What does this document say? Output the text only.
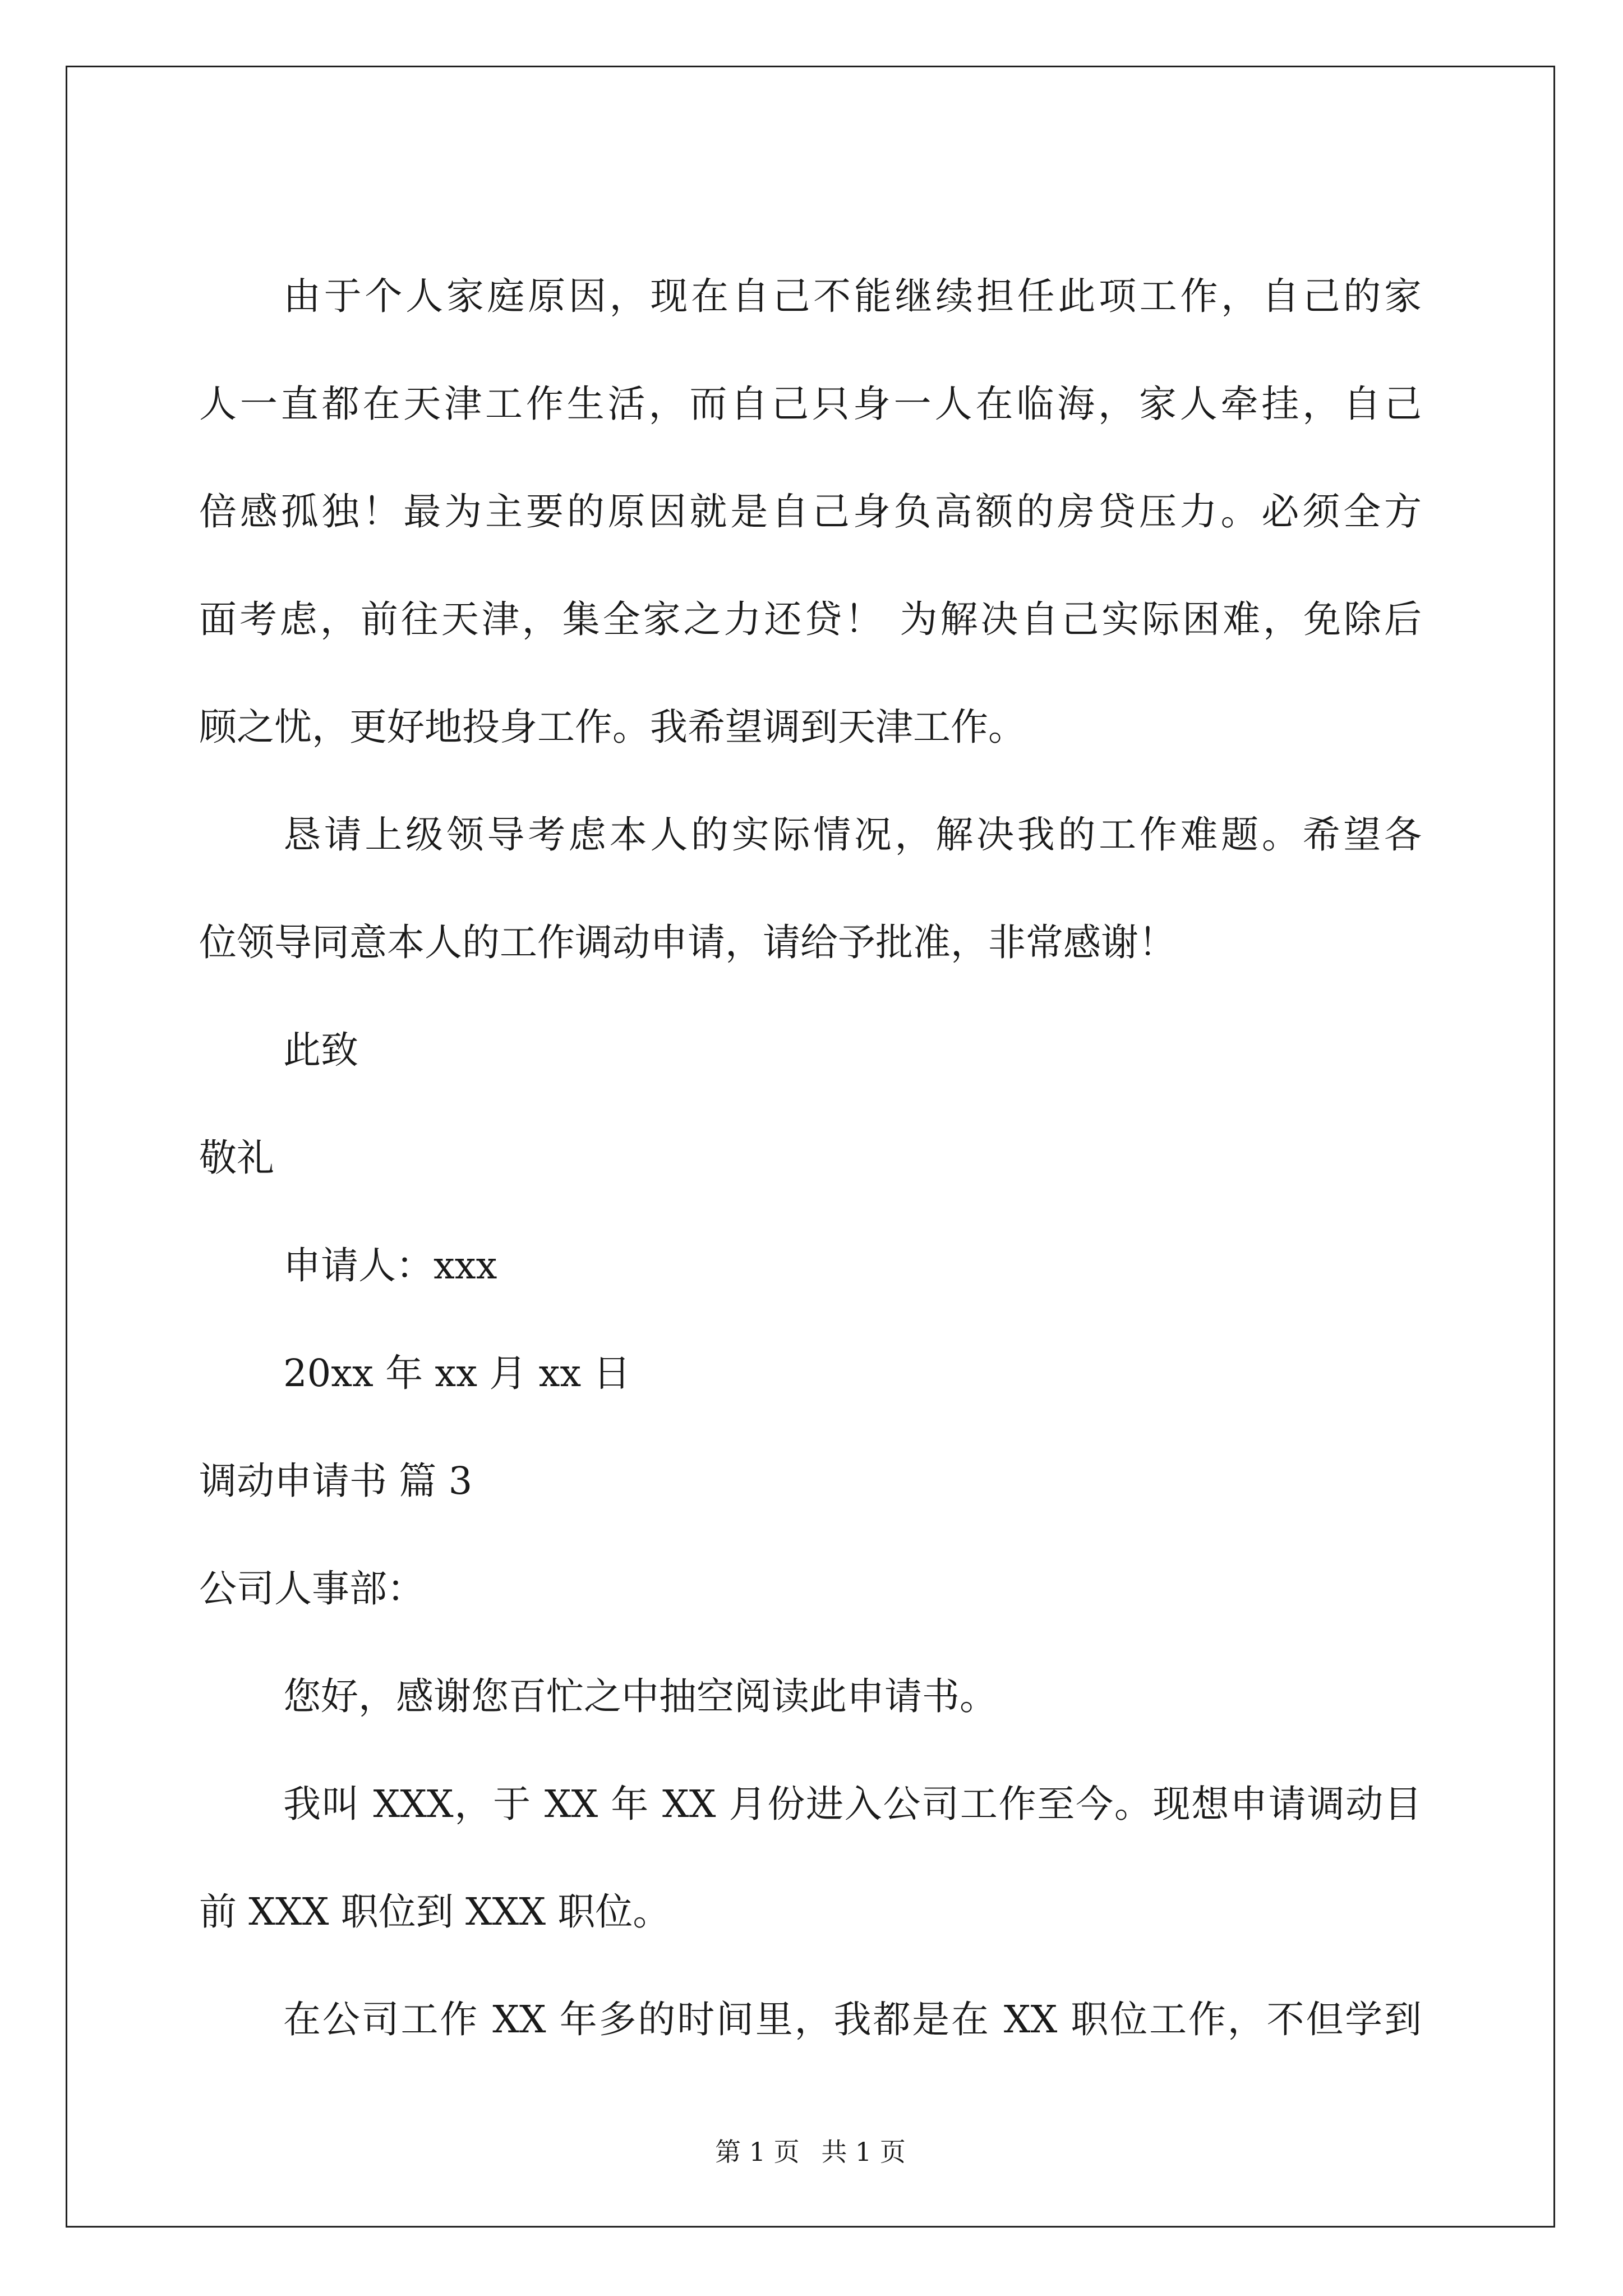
由于个人家庭原因，现在自己不能继续担任此项工作，自己的家
人一直都在天津工作生活，而自己只身一人在临海，家人牵挂，自己
倍感孤独！最为主要的原因就是自己身负高额的房贷压力。必须全方
面考虑，前往天津，集全家之力还贷！ 为解决自己实际困难，免除后
顾之忧，更好地投身工作。我希望调到天津工作。
恳请上级领导考虑本人的实际情况，解决我的工作难题。希望各
位领导同意本人的工作调动申请，请给予批准，非常感谢！
此致
敬礼
申请人：xxx
20xx 年 xx 月 xx 日
调动申请书 篇 3
公司人事部：
您好，感谢您百忙之中抽空阅读此申请书。
我叫 XXX，于 XX 年 XX 月份进入公司工作至今。现想申请调动目
前 XXX 职位到 XXX 职位。
在公司工作 XX 年多的时间里，我都是在 XX 职位工作，不但学到
第 1 页 共 1 页
